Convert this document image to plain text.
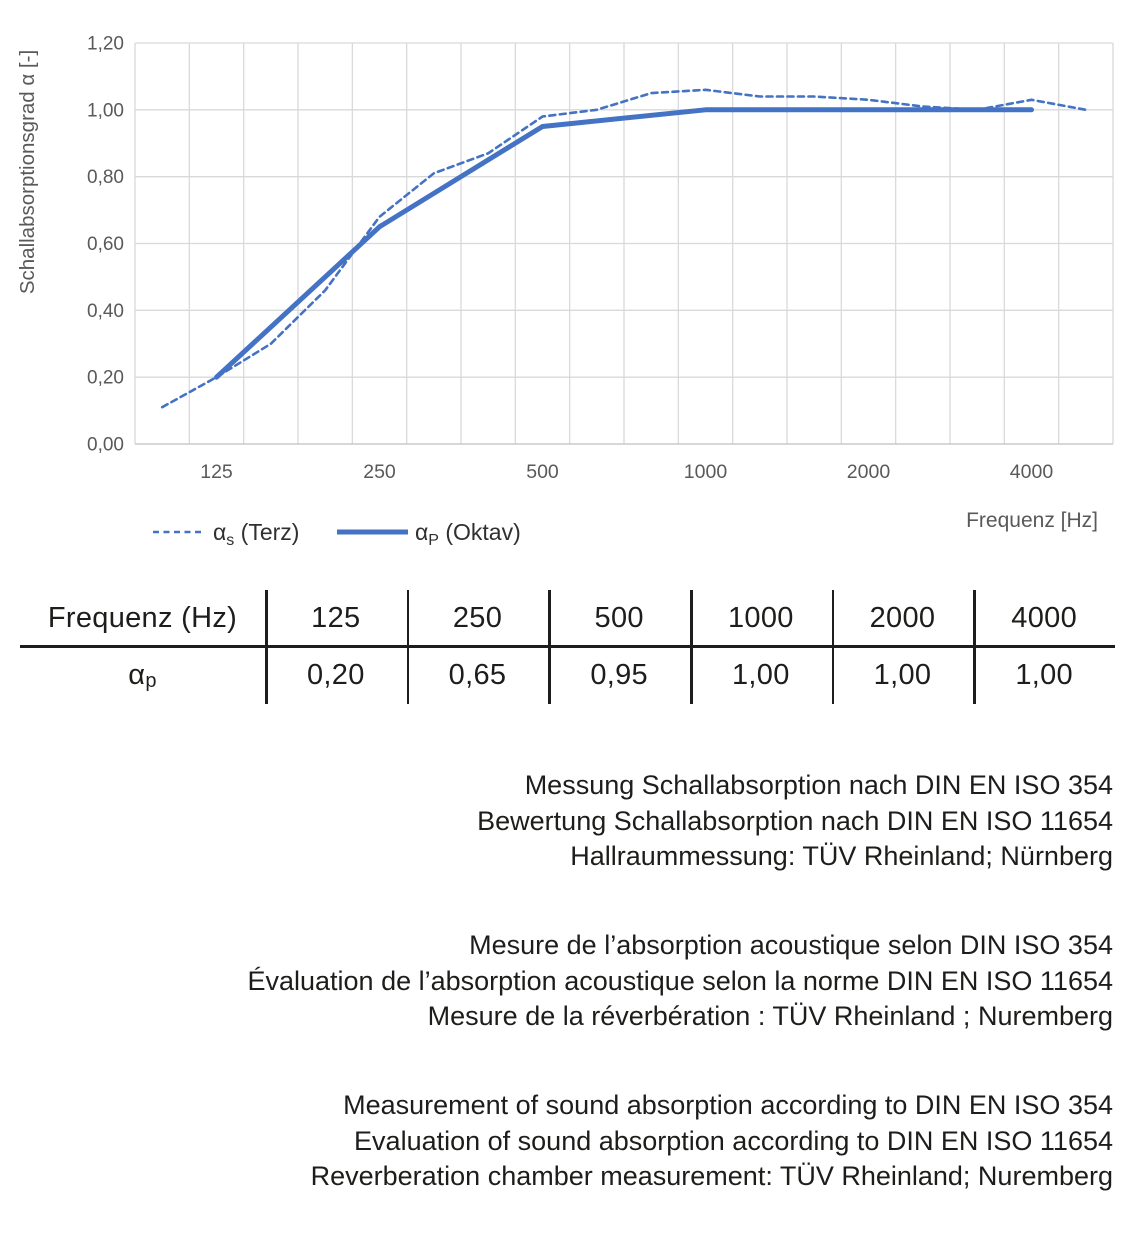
1,20
1,00
0,80
0,60
0,40
0,20
0,00
125	250	500	1000	2000	4000
Frequenz [Hz]
Schallabsorptionsgrad α [-]
$\alpha_s$ (Terz)	$\alpha_P$ (Oktav)
Frequenz (Hz)	125	250	500	1000	2000	4000
α p	0,20	0,65	0,95	1,00	1,00	1,00
Messung Schallabsorption nach DIN EN ISO 354
Bewertung Schallabsorption nach DIN EN ISO 11654
Hallraummessung: TÜV Rheinland; Nürnberg
Mesure de l’absorption acoustique selon DIN ISO 354
Évaluation de l’absorption acoustique selon la norme DIN EN ISO 11654
Mesure de la réverbération : TÜV Rheinland ; Nuremberg
Measurement of sound absorption according to DIN EN ISO 354
Evaluation of sound absorption according to DIN EN ISO 11654
Reverberation chamber measurement: TÜV Rheinland; Nuremberg
